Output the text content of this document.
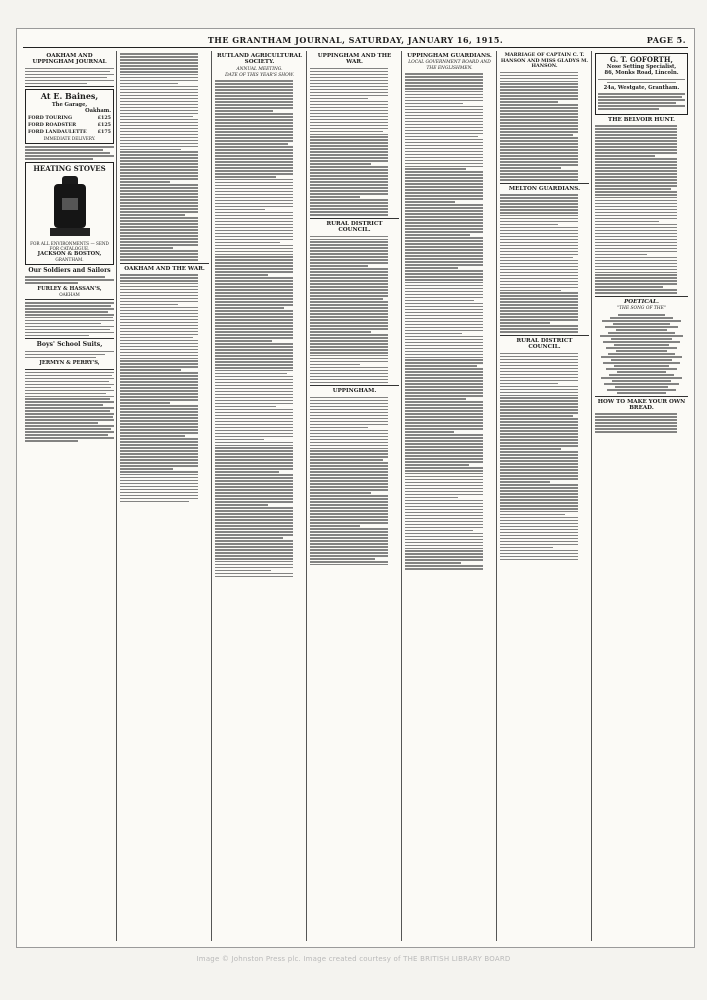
THE GRANTHAM JOURNAL, SATURDAY, JANUARY 16, 1915.	PAGE 5.
OAKHAM AND UPPINGHAM JOURNAL
At E. Baines,
The Garage,
Oakham.
FORD TOURING	£125
FORD ROADSTER	£125
FORD LANDAULETTE £175
IMMEDIATE DELIVERY.
HEATING STOVES
FOR ALL ENVIRONMENTS — SEND FOR CATALOGUE.
JACKSON & BOSTON,
GRANTHAM.
Our Soldiers and Sailors
FURLEY & HASSAN'S,
OAKHAM
Boys' School Suits,
JERMYN & PERRY'S,
OAKHAM AND THE WAR.
RUTLAND AGRICULTURAL SOCIETY.
ANNUAL MEETING.
DATE OF THIS YEAR'S SHOW.
UPPINGHAM AND THE WAR.
RURAL DISTRICT COUNCIL.
UPPINGHAM.
UPPINGHAM GUARDIANS.
LOCAL GOVERNMENT BOARD AND THE ENGLISHMEN.
MARRIAGE OF CAPTAIN C. T. HANSON AND MISS GLADYS M. HANSON.
MELTON GUARDIANS.
RURAL DISTRICT COUNCIL.
G. T. GOFORTH,
Nose Setting Specialist,
86, Monks Road, Lincoln.
24a, Westgate, Grantham.
THE BELVOIR HUNT.
POETICAL.
"THE SONG OF THE"
HOW TO MAKE YOUR OWN BREAD.
Image © Johnston Press plc. Image created courtesy of THE BRITISH LIBRARY BOARD
